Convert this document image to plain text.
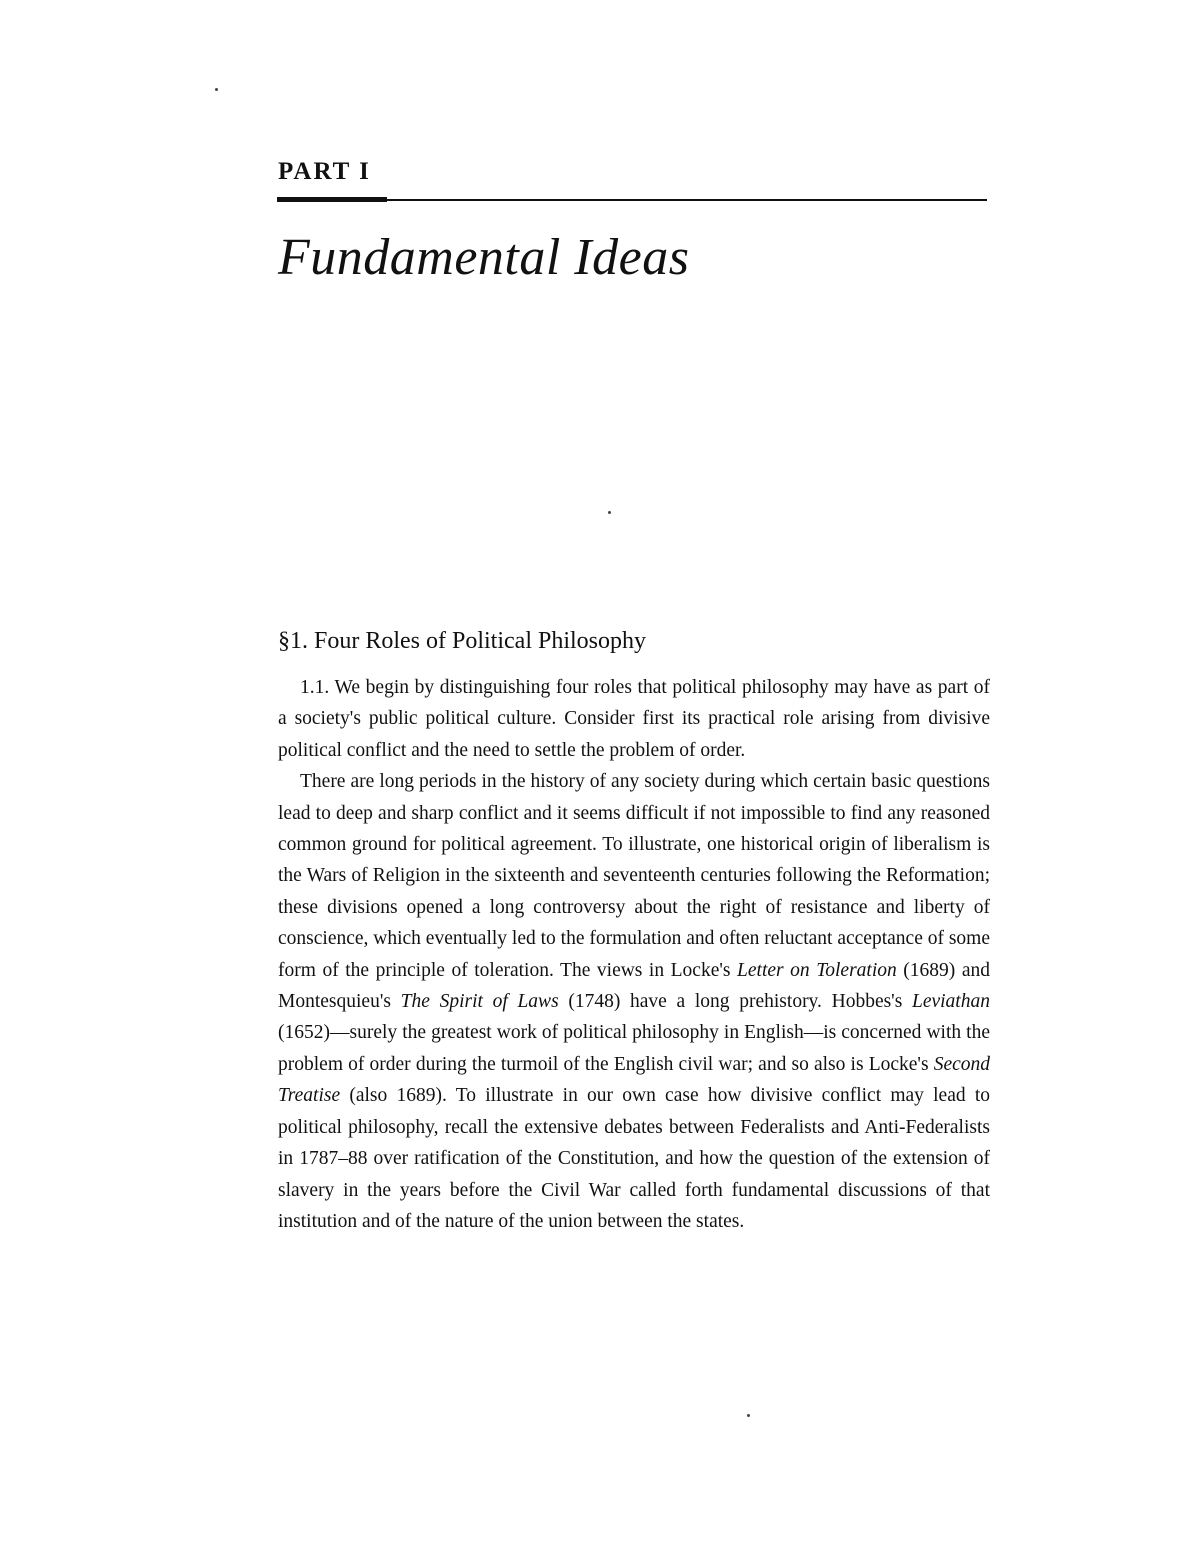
PART I
Fundamental Ideas
§1. Four Roles of Political Philosophy

1.1. We begin by distinguishing four roles that political philosophy may have as part of a society's public political culture. Consider first its practical role arising from divisive political conflict and the need to settle the problem of order.

There are long periods in the history of any society during which certain basic questions lead to deep and sharp conflict and it seems difficult if not impossible to find any reasoned common ground for political agreement. To illustrate, one historical origin of liberalism is the Wars of Religion in the sixteenth and seventeenth centuries following the Reformation; these divisions opened a long controversy about the right of resistance and liberty of conscience, which eventually led to the formulation and often reluctant acceptance of some form of the principle of toleration. The views in Locke's Letter on Toleration (1689) and Montesquieu's The Spirit of Laws (1748) have a long prehistory. Hobbes's Leviathan (1652)—surely the greatest work of political philosophy in English—is concerned with the problem of order during the turmoil of the English civil war; and so also is Locke's Second Treatise (also 1689). To illustrate in our own case how divisive conflict may lead to political philosophy, recall the extensive debates between Federalists and Anti-Federalists in 1787–88 over ratification of the Constitution, and how the question of the extension of slavery in the years before the Civil War called forth fundamental discussions of that institution and of the nature of the union between the states.
